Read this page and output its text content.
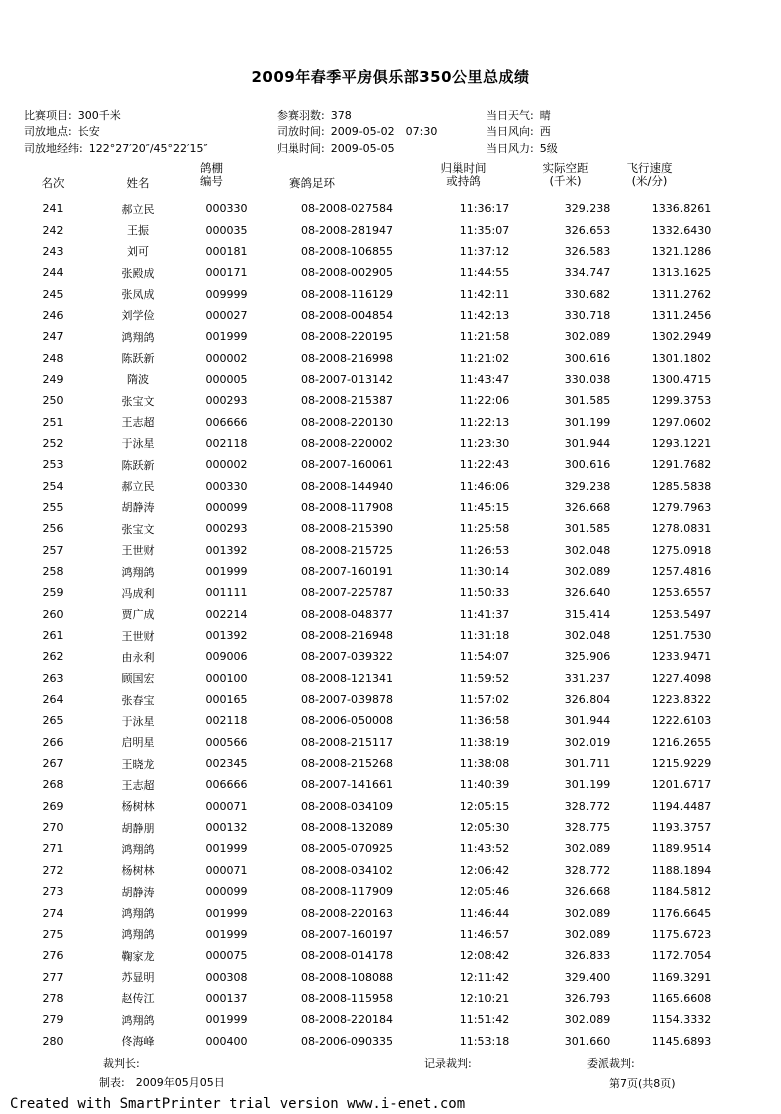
2009年春季平房俱乐部350公里总成绩
比赛项目: 300千米
司放地点: 长安
司放地经纬: 122°27′20″/45°22′15″
参赛羽数: 378
司放时间: 2009-05-02　07:30
归巢时间: 2009-05-05
当日天气: 晴
当日风向: 西
当日风力: 5级
名次	姓名
鸽棚
编号	赛鸽足环
归巢时间
或持鸽
实际空距
(千米)
飞行速度
(米/分)
241	郝立民	000330	08-2008-027584	11:36:17	329.238	1336.8261
242	王振	000035	08-2008-281947	11:35:07	326.653	1332.6430
243	刘可	000181	08-2008-106855	11:37:12	326.583	1321.1286
244	张殿成	000171	08-2008-002905	11:44:55	334.747	1313.1625
245	张凤成	009999	08-2008-116129	11:42:11	330.682	1311.2762
246	刘学俭	000027	08-2008-004854	11:42:13	330.718	1311.2456
247	鸿翔鸽	001999	08-2008-220195	11:21:58	302.089	1302.2949
248	陈跃新	000002	08-2008-216998	11:21:02	300.616	1301.1802
249	隋波	000005	08-2007-013142	11:43:47	330.038	1300.4715
250	张宝文	000293	08-2008-215387	11:22:06	301.585	1299.3753
251	王志超	006666	08-2008-220130	11:22:13	301.199	1297.0602
252	于泳星	002118	08-2008-220002	11:23:30	301.944	1293.1221
253	陈跃新	000002	08-2007-160061	11:22:43	300.616	1291.7682
254	郝立民	000330	08-2008-144940	11:46:06	329.238	1285.5838
255	胡静涛	000099	08-2008-117908	11:45:15	326.668	1279.7963
256	张宝文	000293	08-2008-215390	11:25:58	301.585	1278.0831
257	王世财	001392	08-2008-215725	11:26:53	302.048	1275.0918
258	鸿翔鸽	001999	08-2007-160191	11:30:14	302.089	1257.4816
259	冯成利	001111	08-2007-225787	11:50:33	326.640	1253.6557
260	贾广成	002214	08-2008-048377	11:41:37	315.414	1253.5497
261	王世财	001392	08-2008-216948	11:31:18	302.048	1251.7530
262	由永利	009006	08-2007-039322	11:54:07	325.906	1233.9471
263	顾国宏	000100	08-2008-121341	11:59:52	331.237	1227.4098
264	张春宝	000165	08-2007-039878	11:57:02	326.804	1223.8322
265	于泳星	002118	08-2006-050008	11:36:58	301.944	1222.6103
266	启明星	000566	08-2008-215117	11:38:19	302.019	1216.2655
267	王晓龙	002345	08-2008-215268	11:38:08	301.711	1215.9229
268	王志超	006666	08-2007-141661	11:40:39	301.199	1201.6717
269	杨树林	000071	08-2008-034109	12:05:15	328.772	1194.4487
270	胡静朋	000132	08-2008-132089	12:05:30	328.775	1193.3757
271	鸿翔鸽	001999	08-2005-070925	11:43:52	302.089	1189.9514
272	杨树林	000071	08-2008-034102	12:06:42	328.772	1188.1894
273	胡静涛	000099	08-2008-117909	12:05:46	326.668	1184.5812
274	鸿翔鸽	001999	08-2008-220163	11:46:44	302.089	1176.6645
275	鸿翔鸽	001999	08-2007-160197	11:46:57	302.089	1175.6723
276	鞠家龙	000075	08-2008-014178	12:08:42	326.833	1172.7054
277	苏显明	000308	08-2008-108088	12:11:42	329.400	1169.3291
278	赵传江	000137	08-2008-115958	12:10:21	326.793	1165.6608
279	鸿翔鸽	001999	08-2008-220184	11:51:42	302.089	1154.3332
280	佟海峰	000400	08-2006-090335	11:53:18	301.660	1145.6893
裁判长:	记录裁判:	委派裁判:
制表:　2009年05月05日	第7页(共8页)
Created with SmartPrinter trial version www.i-enet.com
